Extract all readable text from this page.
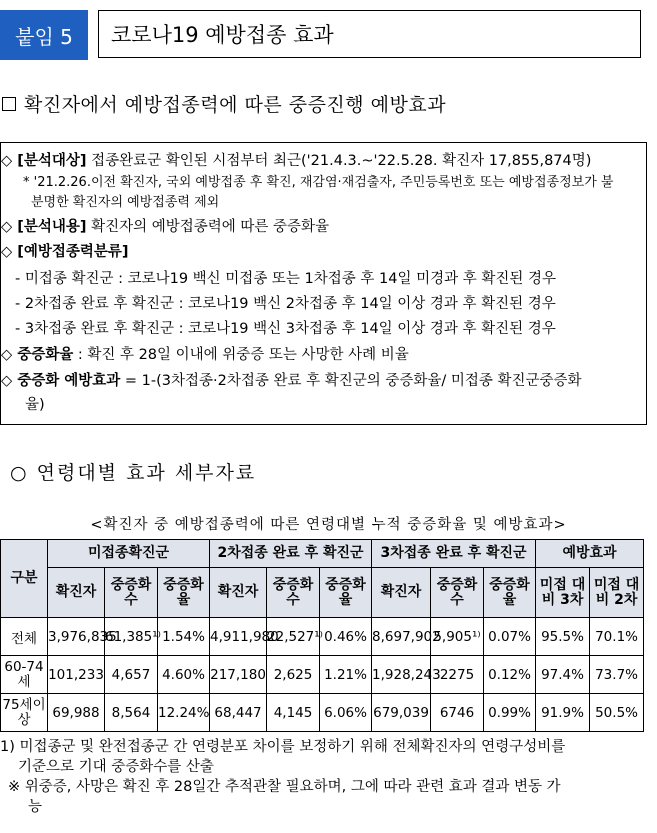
붙임 5	코로나19 예방접종 효과
확진자에서 예방접종력에 따른 중증진행 예방효과
◇ [분석대상] 접종완료군 확인된 시점부터 최근('21.4.3.~'22.5.28. 확진자 17,855,874명)
* '21.2.26.이전 확진자, 국외 예방접종 후 확진, 재감염·재검출자, 주민등록번호 또는 예방접종정보가 불
분명한 확진자의 예방접종력 제외
◇ [분석내용] 확진자의 예방접종력에 따른 중증화율
◇ [예방접종력분류]
- 미접종 확진군 : 코로나19 백신 미접종 또는 1차접종 후 14일 미경과 후 확진된 경우
- 2차접종 완료 후 확진군 : 코로나19 백신 2차접종 후 14일 이상 경과 후 확진된 경우
- 3차접종 완료 후 확진군 : 코로나19 백신 3차접종 후 14일 이상 경과 후 확진된 경우
◇ 중증화율 : 확진 후 28일 이내에 위중증 또는 사망한 사례 비율
◇ 중증화 예방효과 = 1-(3차접종·2차접종 완료 후 확진군의 중증화율/ 미접종 확진군중증화
율)
○ 연령대별 효과 세부자료
<확진자 중 예방접종력에 따른 연령대별 누적 중증화율 및 예방효과>
구분	미접종확진군			2차접종 완료 후 확진군			3차접종 완료 후 확진군			예방효과	
	확진자	중증화 수	중증화 율	확진자	중증화 수	중증화 율	확진자	중증화 수	중증화 율	미접 대비 3차	미접 대비 2차
전체	3,976,835	61,385¹⁾	1.54%	4,911,980	22,527¹⁾	0.46%	8,697,902	5,905¹⁾	0.07%	95.5%	70.1%
60-74 세	101,233	4,657	4.60%	217,180	2,625	1.21%	1,928,243	2275	0.12%	97.4%	73.7%
75세이 상	69,988	8,564	12.24%	68,447	4,145	6.06%	679,039	6746	0.99%	91.9%	50.5%
1) 미접종군 및 완전접종군 간 연령분포 차이를 보정하기 위해 전체확진자의 연령구성비를
기준으로 기대 중증화수를 산출
※ 위중증, 사망은 확진 후 28일간 추적관찰 필요하며, 그에 따라 관련 효과 결과 변동 가
능
